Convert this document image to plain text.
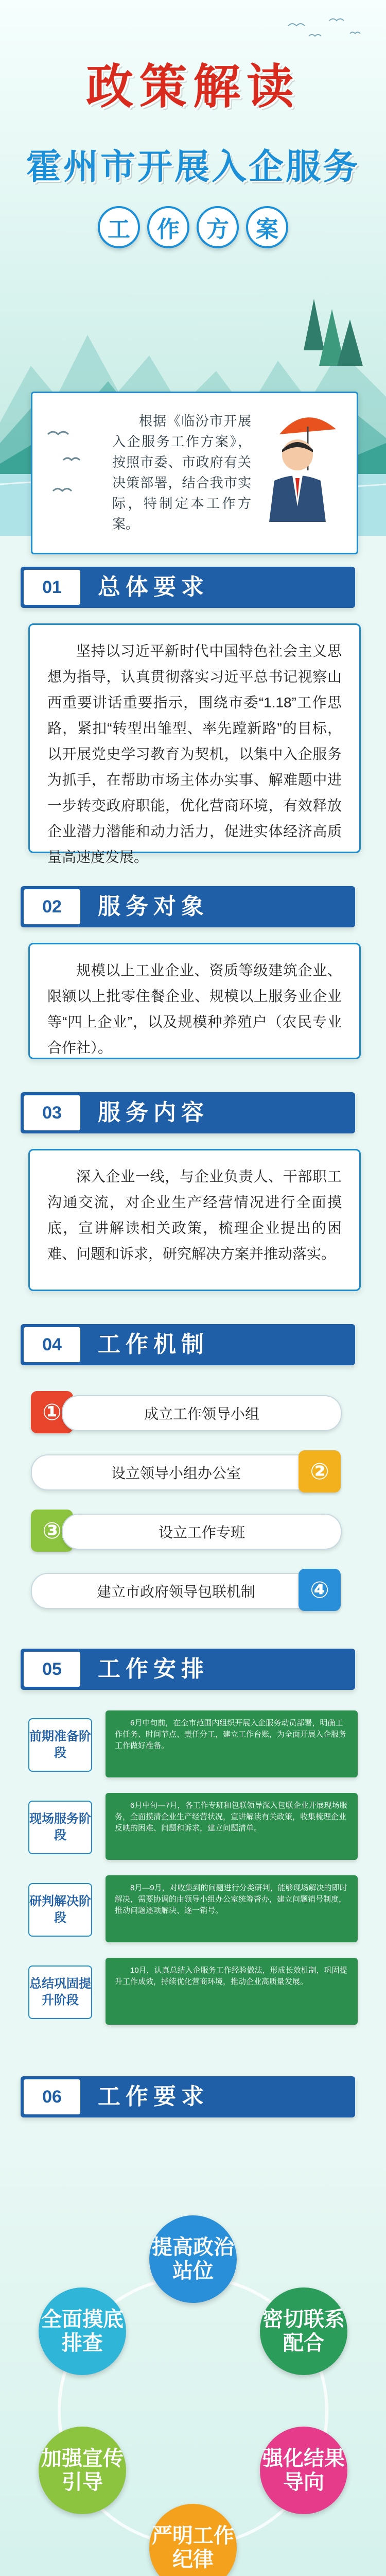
政策解读
霍州市开展入企服务
工	作	方	案
根据《临汾市开展入企服务工作方案》，按照市委、市政府有关决策部署，结合我市实际，特制定本工作方案。
01	总体要求

坚持以习近平新时代中国特色社会主义思想为指导，认真贯彻落实习近平总书记视察山西重要讲话重要指示，围绕市委“1.18”工作思路，紧扣“转型出雏型、率先蹚新路”的目标，以开展党史学习教育为契机，以集中入企服务为抓手，在帮助市场主体办实事、解难题中进一步转变政府职能，优化营商环境，有效释放企业潜力潜能和动力活力，促进实体经济高质量高速度发展。

02	服务对象

规模以上工业企业、资质等级建筑企业、限额以上批零住餐企业、规模以上服务业企业等“四上企业”，以及规模种养殖户（农民专业合作社）。

03	服务内容

深入企业一线，与企业负责人、干部职工沟通交流，对企业生产经营情况进行全面摸底，宣讲解读相关政策，梳理企业提出的困难、问题和诉求，研究解决方案并推动落实。

04	工作机制
①	成立工作领导小组
设立领导小组办公室	②
③	设立工作专班
建立市政府领导包联机制	④
05	工作安排
前期准备阶段

6月中旬前，在全市范围内组织开展入企服务动员部署，明确工作任务、时间节点、责任分工，建立工作台账，为全面开展入企服务工作做好准备。

现场服务阶段

6月中旬—7月，各工作专班和包联领导深入包联企业开展现场服务，全面摸清企业生产经营状况，宣讲解读有关政策，收集梳理企业反映的困难、问题和诉求，建立问题清单。

研判解决阶段

8月—9月，对收集到的问题进行分类研判，能够现场解决的即时解决，需要协调的由领导小组办公室统筹督办，建立问题销号制度，推动问题逐项解决、逐一销号。

总结巩固提升阶段

10月，认真总结入企服务工作经验做法，形成长效机制，巩固提升工作成效，持续优化营商环境，推动企业高质量发展。

06	工作要求
提高政治站位
密切联系配合
强化结果导向
严明工作纪律
加强宣传引导
全面摸底排查
